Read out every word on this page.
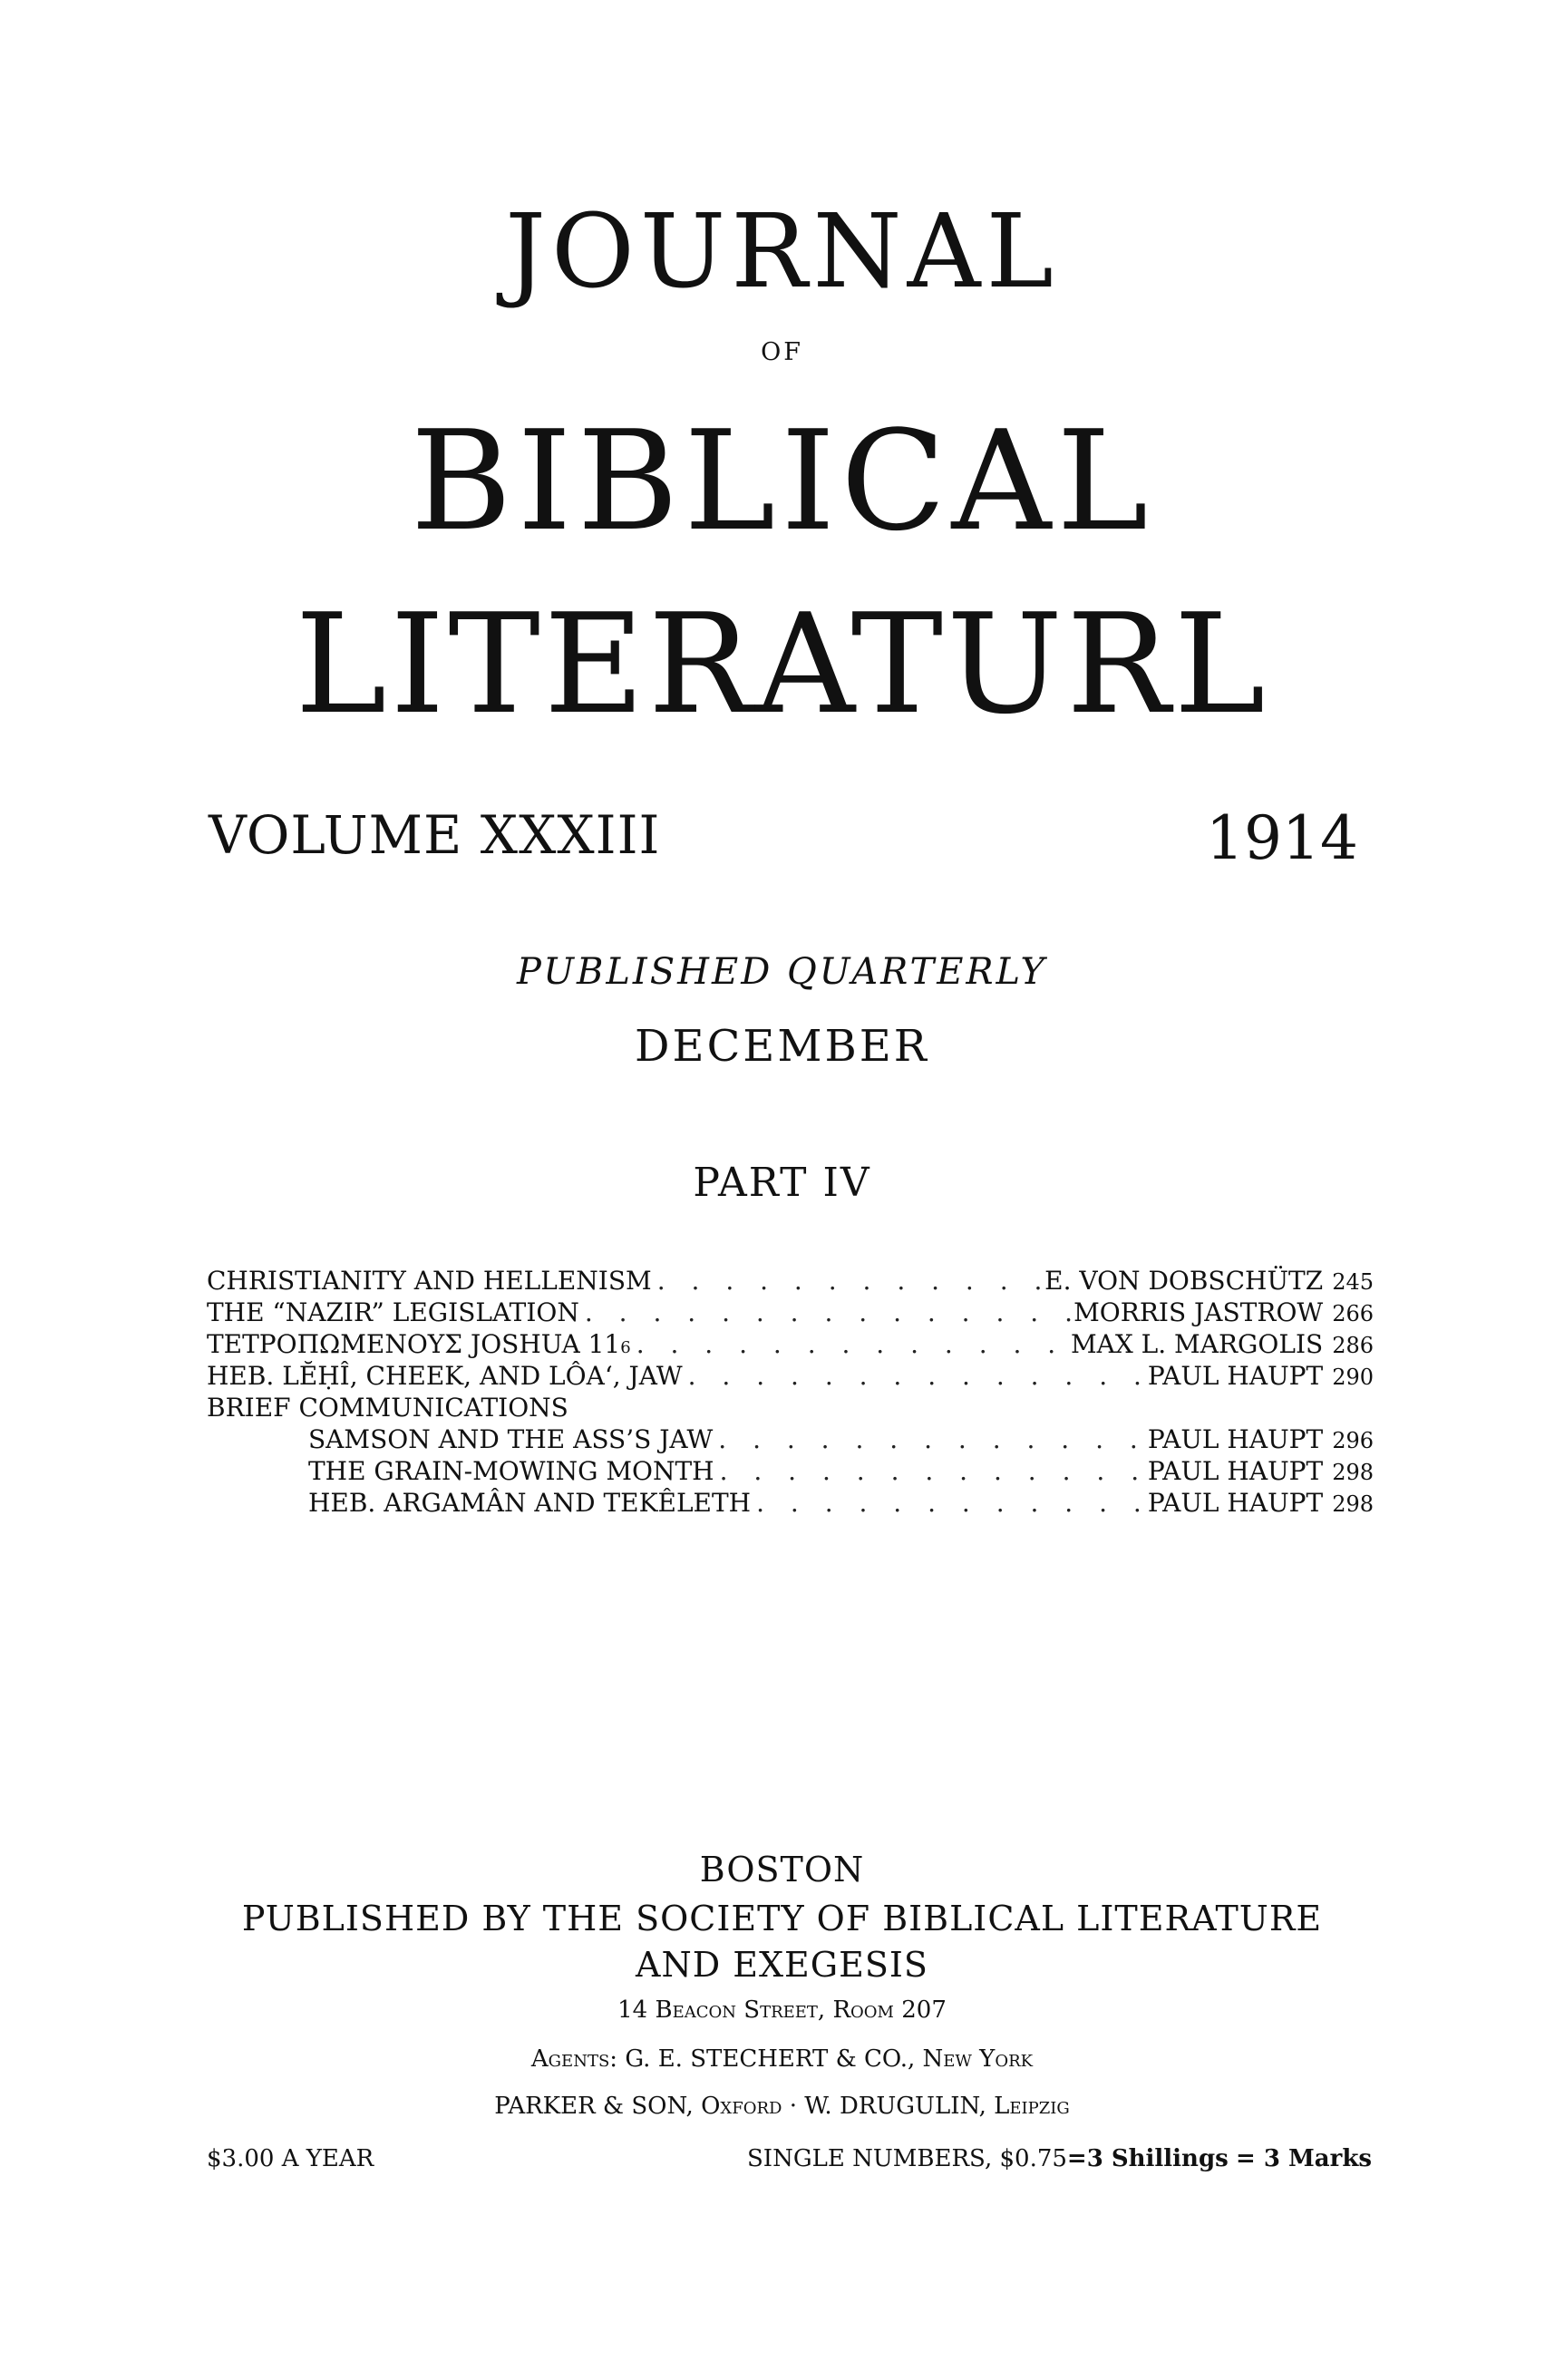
JOURNAL
OF
BIBLICAL
LITERATURL
VOLUME XXXIII	1914
PUBLISHED QUARTERLY
DECEMBER
PART IV
CHRISTIANITY AND HELLENISM . . .	E. VON DOBSCHÜTZ 245
THE “NAZIR” LEGISLATION . . .	MORRIS JASTROW 266
ΤΕΤΡΟΠΩΜΕΝΟΥΣ JOSHUA 116 . . .	MAX L. MARGOLIS 286
HEB. LĔḤÎ, CHEEK, AND LÔA‘, JAW . . .	PAUL HAUPT 290
BRIEF COMMUNICATIONS
SAMSON AND THE ASS’S JAW . . .	PAUL HAUPT 296
THE GRAIN-MOWING MONTH . . .	PAUL HAUPT 298
HEB. ARGAMÂN AND TEKÊLETH . . .	PAUL HAUPT 298
BOSTON
PUBLISHED BY THE SOCIETY OF BIBLICAL LITERATURE
AND EXEGESIS
14 Beacon Street, Room 207
Agents: G. E. STECHERT & CO., New York
PARKER & SON, Oxford · W. DRUGULIN, Leipzig
$3.00 A YEAR	SINGLE NUMBERS, $0.75=3 Shillings = 3 Marks
